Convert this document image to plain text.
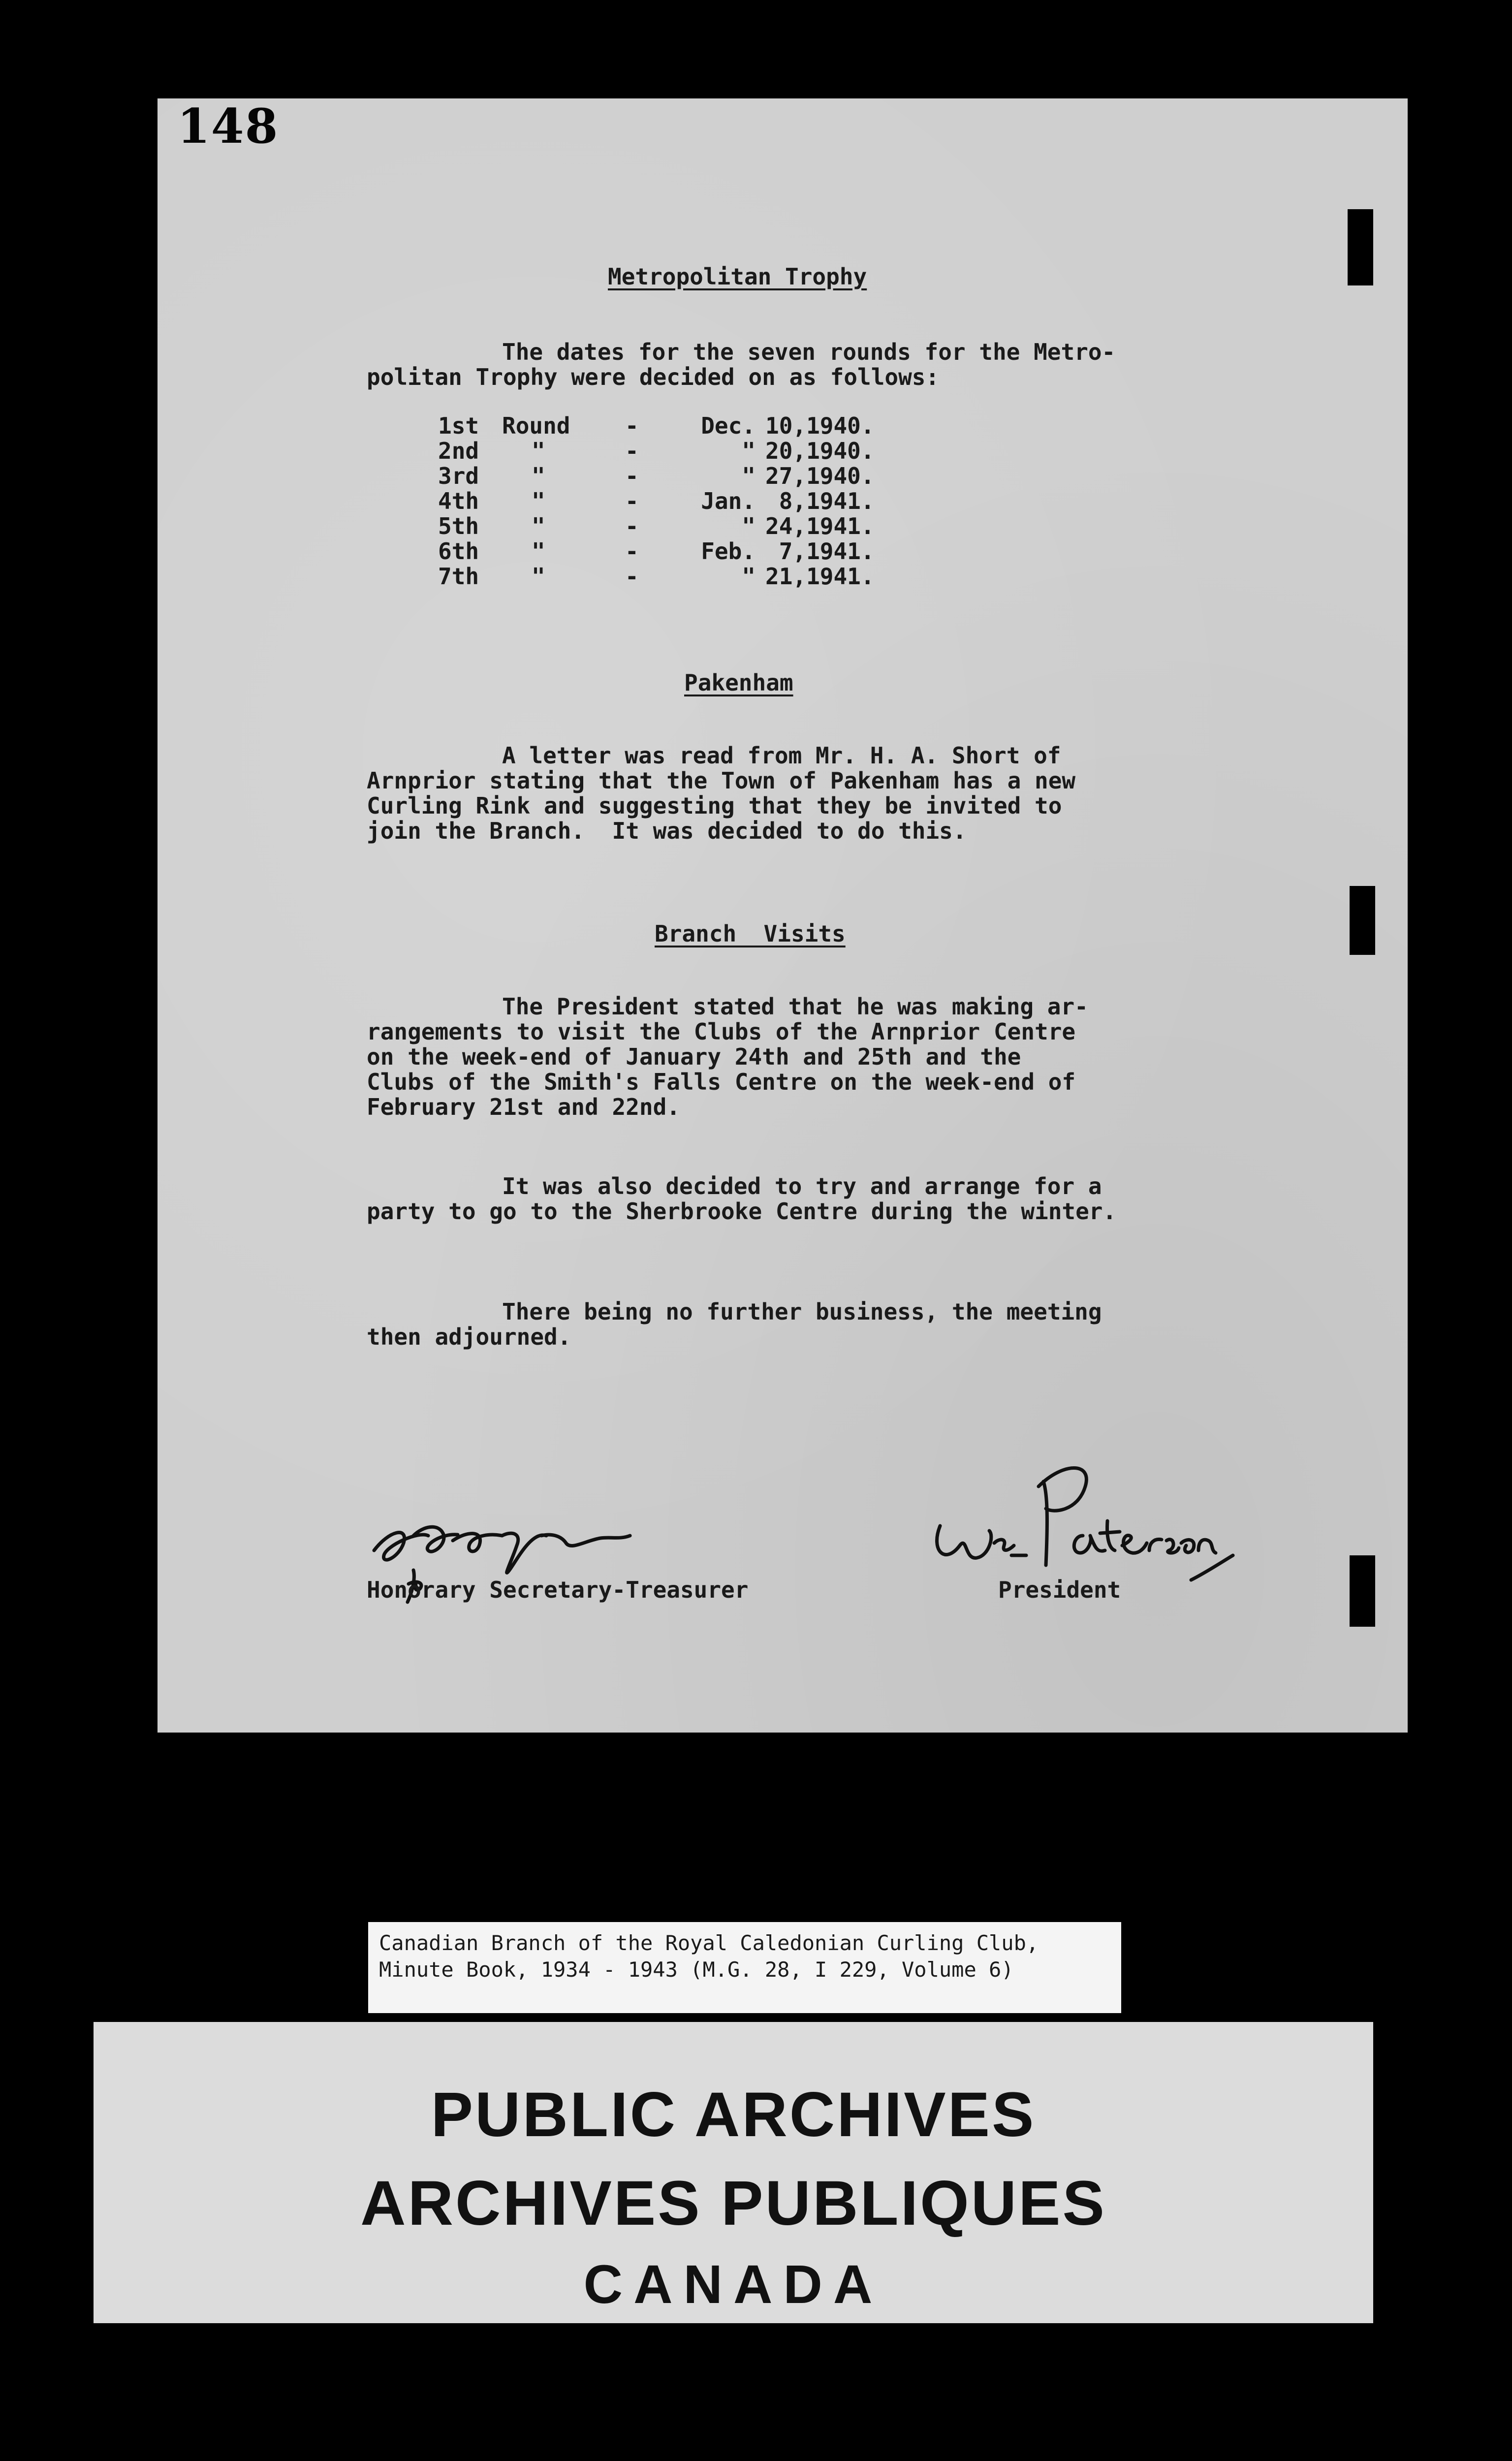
148
Metropolitan Trophy
The dates for the seven rounds for the Metro-
politan Trophy were decided on as follows:
1st	Round	-	Dec.	10,	1940.
2nd	"	-	"	20,	1940.
3rd	"	-	"	27,	1940.
4th	"	-	Jan.	8,	1941.
5th	"	-	"	24,	1941.
6th	"	-	Feb.	7,	1941.
7th	"	-	"	21,	1941.
Pakenham
A letter was read from Mr. H. A. Short of
Arnprior stating that the Town of Pakenham has a new
Curling Rink and suggesting that they be invited to
join the Branch.  It was decided to do this.
Branch  Visits
The President stated that he was making ar-
rangements to visit the Clubs of the Arnprior Centre
on the week-end of January 24th and 25th and the
Clubs of the Smith's Falls Centre on the week-end of
February 21st and 22nd.
It was also decided to try and arrange for a
party to go to the Sherbrooke Centre during the winter.
There being no further business, the meeting
then adjourned.
Honorary Secretary-Treasurer	President
Canadian Branch of the Royal Caledonian Curling Club,
Minute Book, 1934 - 1943 (M.G. 28, I 229, Volume 6)
PUBLIC ARCHIVES
ARCHIVES PUBLIQUES
CANADA
